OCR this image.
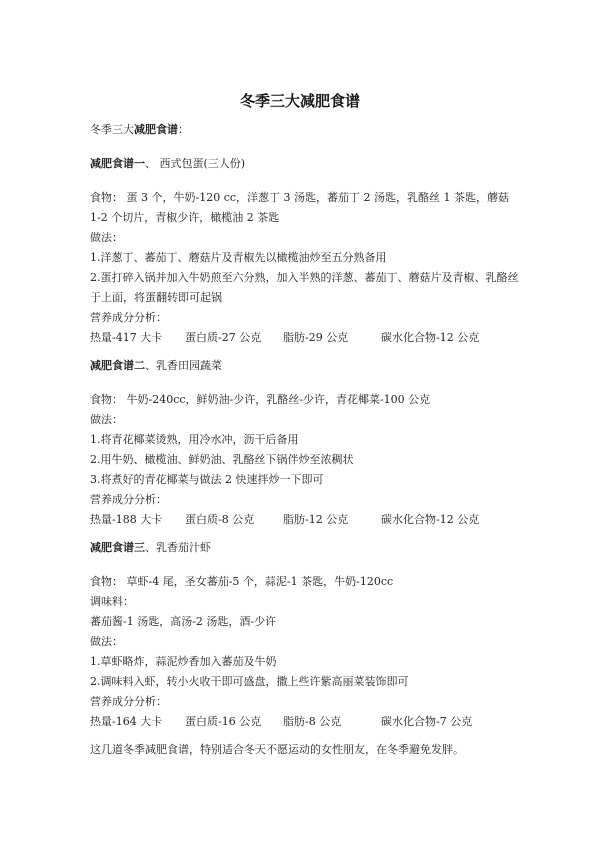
冬季三大减肥食谱

冬季三大减肥食谱：

减肥食谱一、 西式包蛋(三人份)

食物： 蛋 3 个，牛奶-120 cc，洋葱丁 3 汤匙，蕃茄丁 2 汤匙，乳酪丝 1 茶匙，蘑菇 1-2 个切片，青椒少许，橄榄油 2 茶匙

做法：

1.洋葱丁、蕃茄丁、蘑菇片及青椒先以橄榄油炒至五分熟备用

2.蛋打碎入锅并加入牛奶煎至六分熟，加入半熟的洋葱、蕃茄丁、蘑菇片及青椒、乳酪丝于上面，将蛋翻转即可起锅

营养成分分析：

热量-417 大卡	蛋白质-27 公克	脂肪-29 公克	碳水化合物-12 公克

减肥食谱二、乳香田园蔬菜

食物： 牛奶-240cc，鲜奶油-少许，乳酪丝-少许，青花椰菜-100 公克

做法：

1.将青花椰菜烫熟，用冷水冲，沥干后备用

2.用牛奶、橄榄油、鲜奶油、乳酪丝下锅伴炒至浓稠状

3.将煮好的青花椰菜与做法 2 快速拌炒一下即可

营养成分分析：

热量-188 大卡	蛋白质-8 公克	脂肪-12 公克	碳水化合物-12 公克

减肥食谱三、乳香茄汁虾

食物： 草虾-4 尾，圣女蕃茄-5 个，蒜泥-1 茶匙，牛奶-120cc

调味料：

蕃茄酱-1 汤匙，高汤-2 汤匙，酒-少许

做法：

1.草虾略炸，蒜泥炒香加入蕃茄及牛奶

2.调味料入虾，转小火收干即可盛盘，撒上些许紫高丽菜装饰即可

营养成分分析：

热量-164 大卡	蛋白质-16 公克	脂肪-8 公克	碳水化合物-7 公克

这几道冬季减肥食谱，特别适合冬天不愿运动的女性朋友，在冬季避免发胖。
